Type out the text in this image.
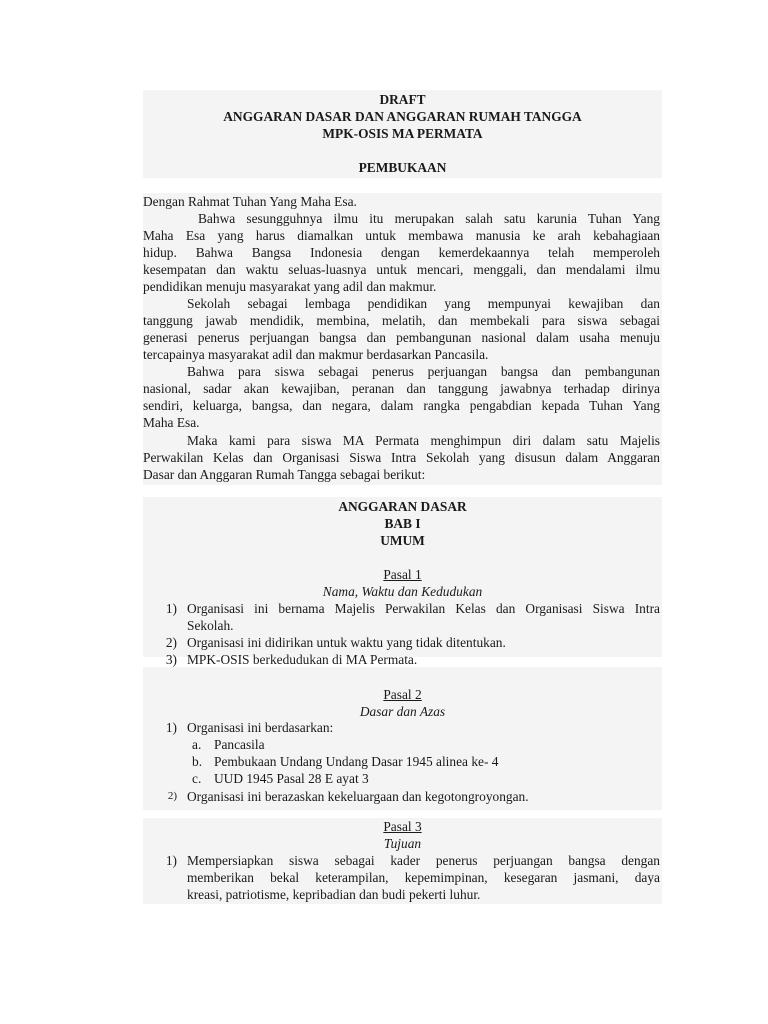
DRAFT
ANGGARAN DASAR DAN ANGGARAN RUMAH TANGGA
MPK-OSIS MA PERMATA
PEMBUKAAN
Dengan Rahmat Tuhan Yang Maha Esa.
Bahwa sesungguhnya ilmu itu merupakan salah satu karunia Tuhan Yang
Maha Esa yang harus diamalkan untuk membawa manusia ke arah kebahagiaan
hidup. Bahwa Bangsa Indonesia dengan kemerdekaannya telah memperoleh
kesempatan dan waktu seluas-luasnya untuk mencari, menggali, dan mendalami ilmu
pendidikan menuju masyarakat yang adil dan makmur.
Sekolah sebagai lembaga pendidikan yang mempunyai kewajiban dan
tanggung jawab mendidik, membina, melatih, dan membekali para siswa sebagai
generasi penerus perjuangan bangsa dan pembangunan nasional dalam usaha menuju
tercapainya masyarakat adil dan makmur berdasarkan Pancasila.
Bahwa para siswa sebagai penerus perjuangan bangsa dan pembangunan
nasional, sadar akan kewajiban, peranan dan tanggung jawabnya terhadap dirinya
sendiri, keluarga, bangsa, dan negara, dalam rangka pengabdian kepada Tuhan Yang
Maha Esa.
Maka kami para siswa MA Permata menghimpun diri dalam satu Majelis
Perwakilan Kelas dan Organisasi Siswa Intra Sekolah yang disusun dalam Anggaran
Dasar dan Anggaran Rumah Tangga sebagai berikut:
ANGGARAN DASAR
BAB I
UMUM
Pasal 1
Nama, Waktu dan Kedudukan
1) Organisasi ini bernama Majelis Perwakilan Kelas dan Organisasi Siswa Intra
Sekolah.
2) Organisasi ini didirikan untuk waktu yang tidak ditentukan.
3) MPK-OSIS berkedudukan di MA Permata.
Pasal 2
Dasar dan Azas
1) Organisasi ini berdasarkan:
a. Pancasila
b. Pembukaan Undang Undang Dasar 1945 alinea ke- 4
c. UUD 1945 Pasal 28 E ayat 3
2) Organisasi ini berazaskan kekeluargaan dan kegotongroyongan.
Pasal 3
Tujuan
1) Mempersiapkan siswa sebagai kader penerus perjuangan bangsa dengan
memberikan bekal keterampilan, kepemimpinan, kesegaran jasmani, daya
kreasi, patriotisme, kepribadian dan budi pekerti luhur.
